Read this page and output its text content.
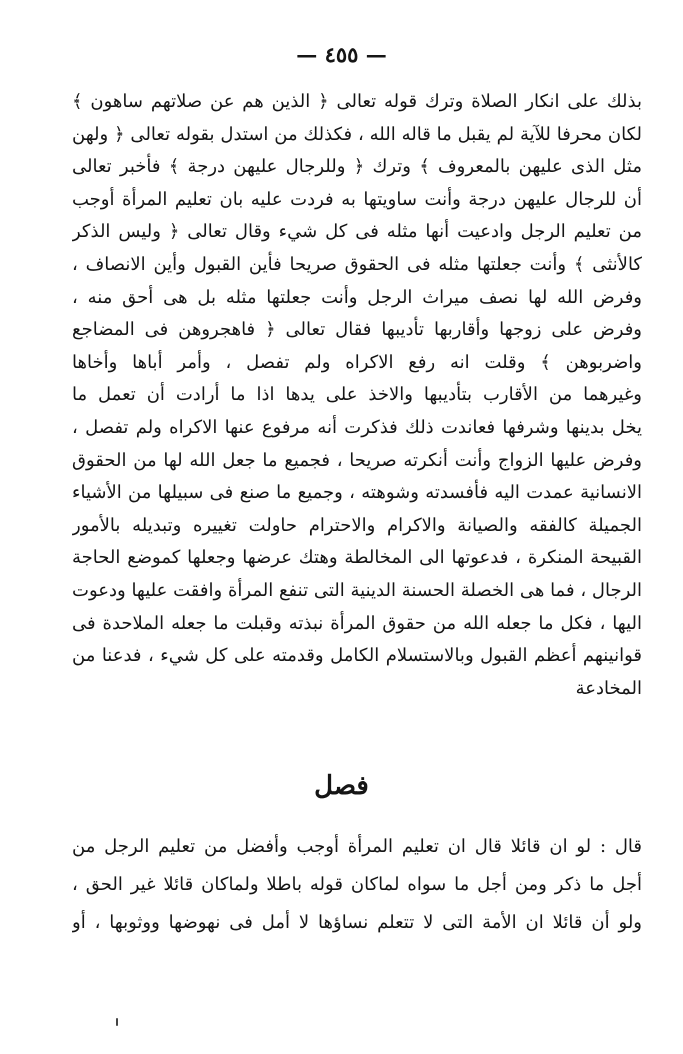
— ٤٥٥ —
بذلك على انكار الصلاة وترك قوله تعالى ﴿ الذين هم عن صلاتهم ساهون ﴾
لكان محرفا للآية لم يقبل ما قاله الله ، فكذلك من استدل بقوله تعالى ﴿ ولهن
مثل الذى عليهن بالمعروف ﴾ وترك ﴿ وللرجال عليهن درجة ﴾ فأخبر تعالى
أن للرجال عليهن درجة وأنت ساويتها به فردت عليه بان تعليم المرأة أوجب
من تعليم الرجل وادعيت أنها مثله فى كل شيء وقال تعالى ﴿ وليس الذكر
كالأنثى ﴾ وأنت جعلتها مثله فى الحقوق صريحا فأين القبول وأين الانصاف ،
وفرض الله لها نصف ميراث الرجل وأنت جعلتها مثله بل هى أحق منه ،
وفرض على زوجها وأقاربها تأديبها فقال تعالى ﴿ فاهجروهن فى المضاجع
واضربوهن ﴾ وقلت انه رفع الاكراه ولم تفصل ، وأمر أباها وأخاها
وغيرهما من الأقارب بتأديبها والاخذ على يدها اذا ما أرادت أن تعمل ما
يخل بدينها وشرفها فعاندت ذلك فذكرت أنه مرفوع عنها الاكراه ولم تفصل ،
وفرض عليها الزواج وأنت أنكرته صريحا ، فجميع ما جعل الله لها من الحقوق
الانسانية عمدت اليه فأفسدته وشوهته ، وجميع ما صنع فى سبيلها من الأشياء
الجميلة كالفقه والصيانة والاكرام والاحترام حاولت تغييره وتبديله بالأمور
القبيحة المنكرة ، فدعوتها الى المخالطة وهتك عرضها وجعلها كموضع الحاجة
الرجال ، فما هى الخصلة الحسنة الدينية التى تنفع المرأة وافقت عليها ودعوت
اليها ، فكل ما جعله الله من حقوق المرأة نبذته وقبلت ما جعله الملاحدة فى
قوانينهم أعظم القبول وبالاستسلام الكامل وقدمته على كل شيء ، فدعنا من
المخادعة
فصل
قال : لو ان قائلا قال ان تعليم المرأة أوجب وأفضل من تعليم الرجل من
أجل ما ذكر ومن أجل ما سواه لماكان قوله باطلا ولماكان قائلا غير الحق ،
ولو أن قائلا ان الأمة التى لا تتعلم نساؤها لا أمل فى نهوضها ووثوبها ، أو
